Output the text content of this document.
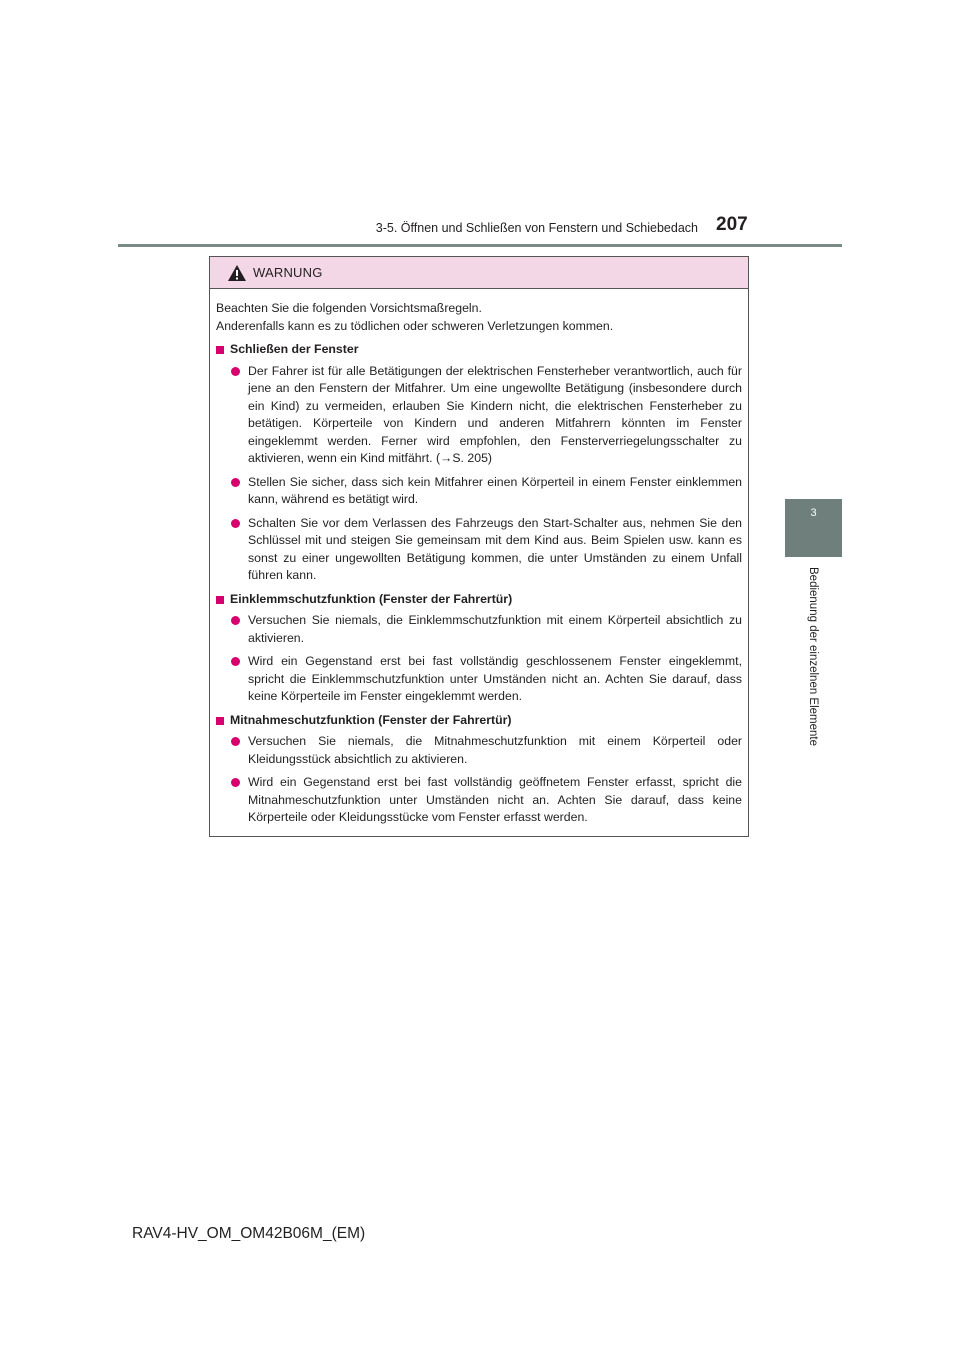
3-5. Öffnen und Schließen von Fenstern und Schiebedach 207
3
Bedienung der einzelnen Elemente
WARNUNG

Beachten Sie die folgenden Vorsichtsmaßregeln.

Anderenfalls kann es zu tödlichen oder schweren Verletzungen kommen.

Schließen der Fenster
Der Fahrer ist für alle Betätigungen der elektrischen Fensterheber verantwortlich, auch für jene an den Fenstern der Mitfahrer. Um eine ungewollte Betätigung (insbesondere durch ein Kind) zu vermeiden, erlauben Sie Kindern nicht, die elektrischen Fensterheber zu betätigen. Körperteile von Kindern und anderen Mitfahrern könnten im Fenster eingeklemmt werden. Ferner wird empfohlen, den Fensterverriegelungsschalter zu aktivieren, wenn ein Kind mitfährt. (→S. 205)
Stellen Sie sicher, dass sich kein Mitfahrer einen Körperteil in einem Fenster einklemmen kann, während es betätigt wird.
Schalten Sie vor dem Verlassen des Fahrzeugs den Start-Schalter aus, nehmen Sie den Schlüssel mit und steigen Sie gemeinsam mit dem Kind aus. Beim Spielen usw. kann es sonst zu einer ungewollten Betätigung kommen, die unter Umständen zu einem Unfall führen kann.
Einklemmschutzfunktion (Fenster der Fahrertür)
Versuchen Sie niemals, die Einklemmschutzfunktion mit einem Körperteil absichtlich zu aktivieren.
Wird ein Gegenstand erst bei fast vollständig geschlossenem Fenster eingeklemmt, spricht die Einklemmschutzfunktion unter Umständen nicht an. Achten Sie darauf, dass keine Körperteile im Fenster eingeklemmt werden.
Mitnahmeschutzfunktion (Fenster der Fahrertür)
Versuchen Sie niemals, die Mitnahmeschutzfunktion mit einem Körperteil oder Kleidungsstück absichtlich zu aktivieren.
Wird ein Gegenstand erst bei fast vollständig geöffnetem Fenster erfasst, spricht die Mitnahmeschutzfunktion unter Umständen nicht an. Achten Sie darauf, dass keine Körperteile oder Kleidungsstücke vom Fenster erfasst werden.
RAV4-HV_OM_OM42B06M_(EM)
